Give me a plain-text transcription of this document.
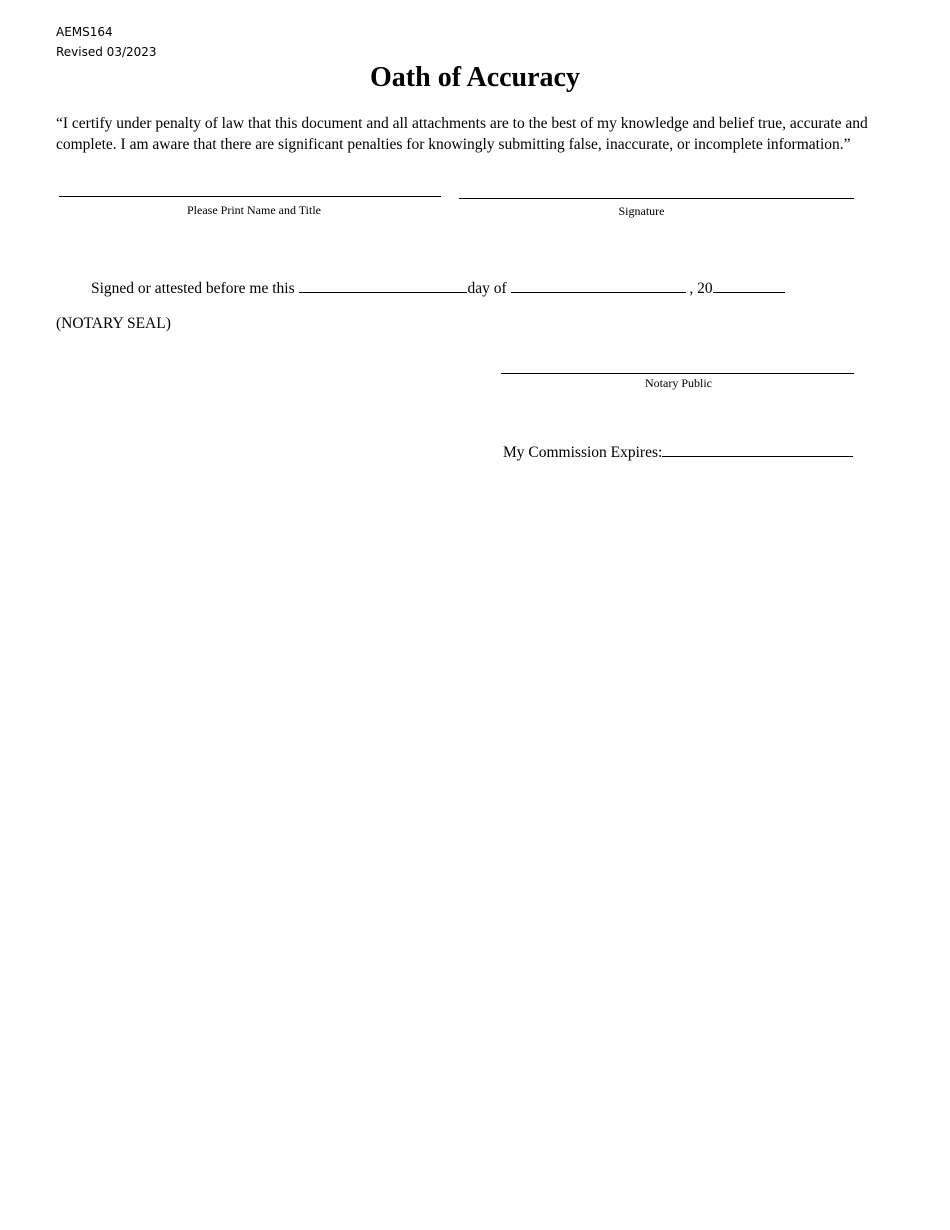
AEMS164
Revised 03/2023
Oath of Accuracy

“I certify under penalty of law that this document and all attachments are to the best of my knowledge and belief true, accurate and complete. I am aware that there are significant penalties for knowingly submitting false, inaccurate, or incomplete information.”

Please Print Name and Title	Signature
Signed or attested before me this	day of	, 20
(NOTARY SEAL)
Notary Public
My Commission Expires:
